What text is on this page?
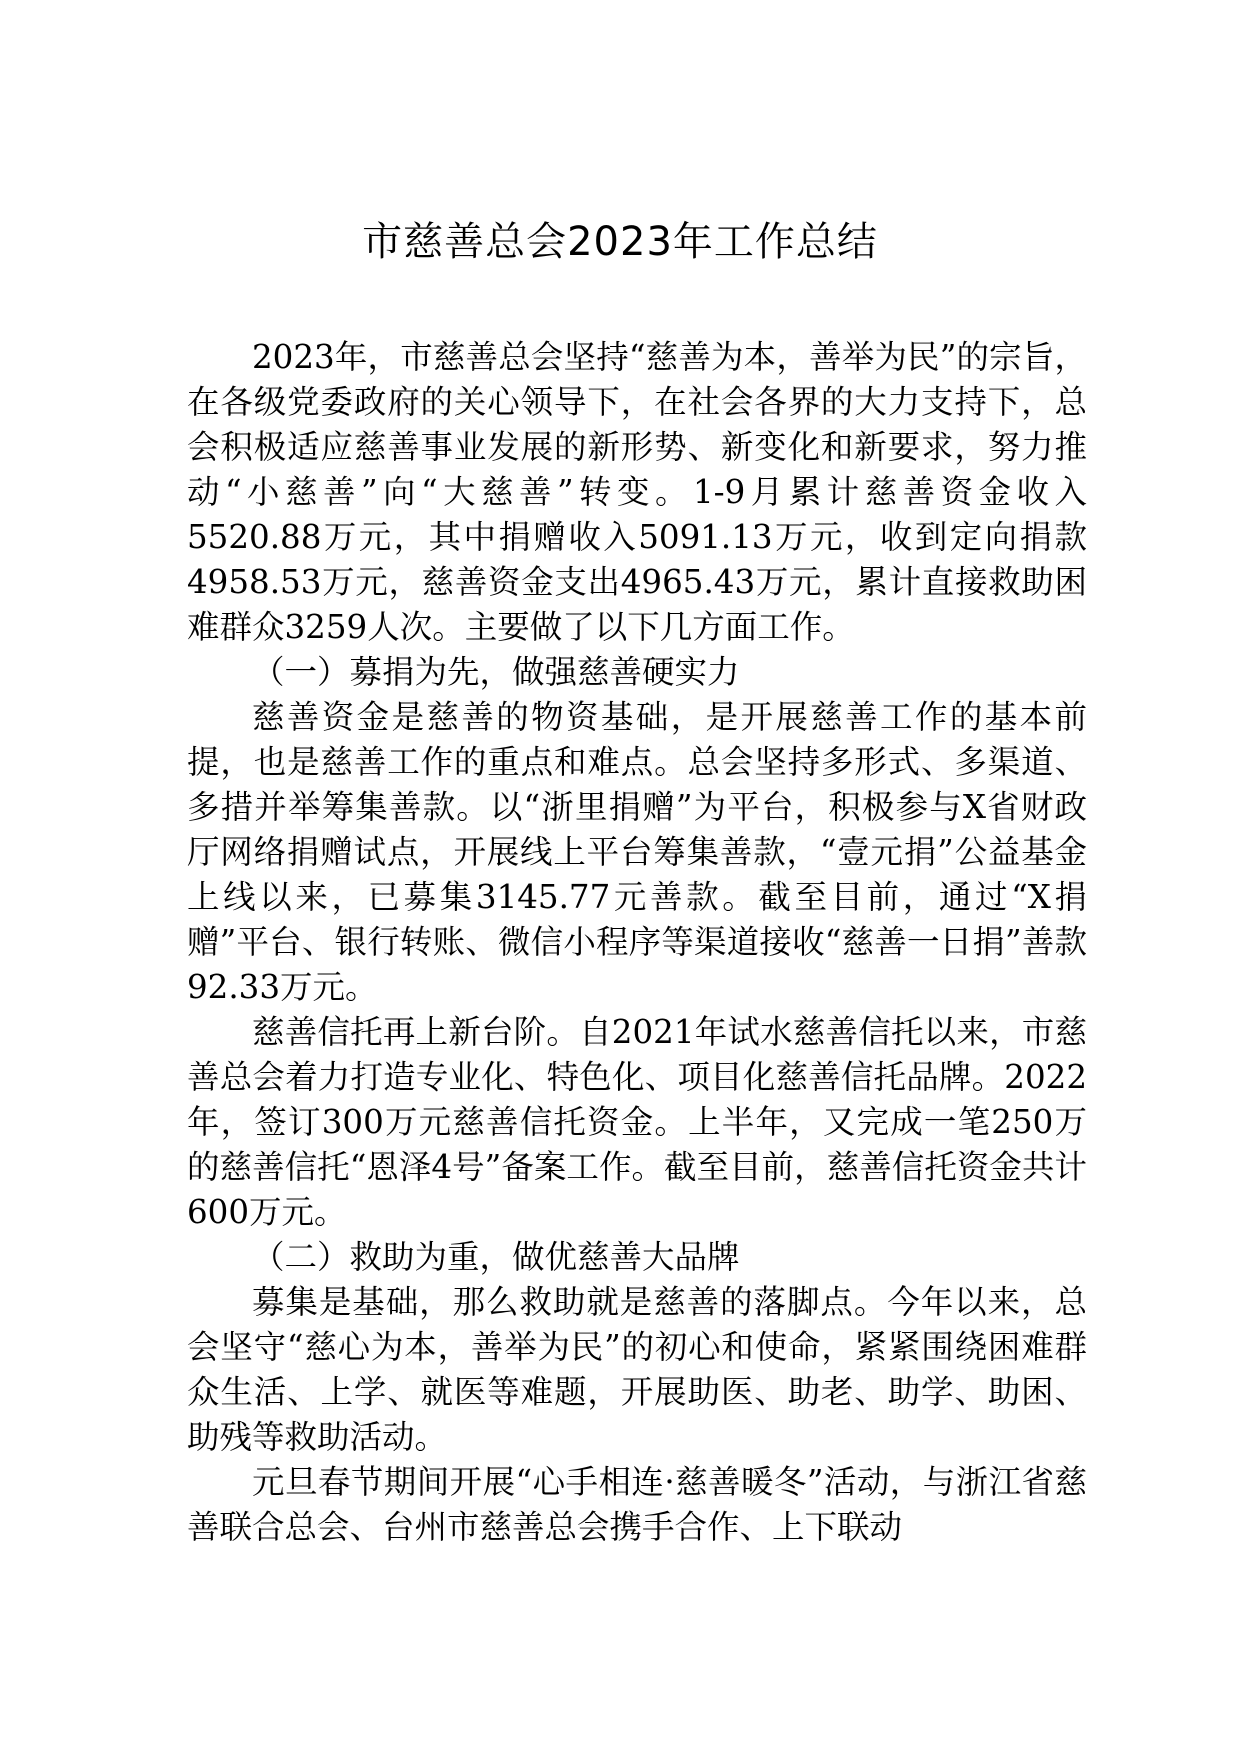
市慈善总会2023年工作总结

2023年，市慈善总会坚持“慈善为本，善举为民”的宗旨，在各级党委政府的关心领导下，在社会各界的大力支持下，总会积极适应慈善事业发展的新形势、新变化和新要求，努力推动“小慈善”向“大慈善”转变。1-9月累计慈善资金收入5520.88万元，其中捐赠收入5091.13万元，收到定向捐款4958.53万元，慈善资金支出4965.43万元，累计直接救助困难群众3259人次。主要做了以下几方面工作。

（一）募捐为先，做强慈善硬实力

慈善资金是慈善的物资基础，是开展慈善工作的基本前提，也是慈善工作的重点和难点。总会坚持多形式、多渠道、多措并举筹集善款。以“浙里捐赠”为平台，积极参与X省财政厅网络捐赠试点，开展线上平台筹集善款，“壹元捐”公益基金上线以来，已募集3145.77元善款。截至目前，通过“X捐赠”平台、银行转账、微信小程序等渠道接收“慈善一日捐”善款92.33万元。

慈善信托再上新台阶。自2021年试水慈善信托以来，市慈善总会着力打造专业化、特色化、项目化慈善信托品牌。2022年，签订300万元慈善信托资金。上半年，又完成一笔250万的慈善信托“恩泽4号”备案工作。截至目前，慈善信托资金共计600万元。

（二）救助为重，做优慈善大品牌

募集是基础，那么救助就是慈善的落脚点。今年以来，总会坚守“慈心为本，善举为民”的初心和使命，紧紧围绕困难群众生活、上学、就医等难题，开展助医、助老、助学、助困、助残等救助活动。

元旦春节期间开展“心手相连·慈善暖冬”活动，与浙江省慈善联合总会、台州市慈善总会携手合作、上下联动
